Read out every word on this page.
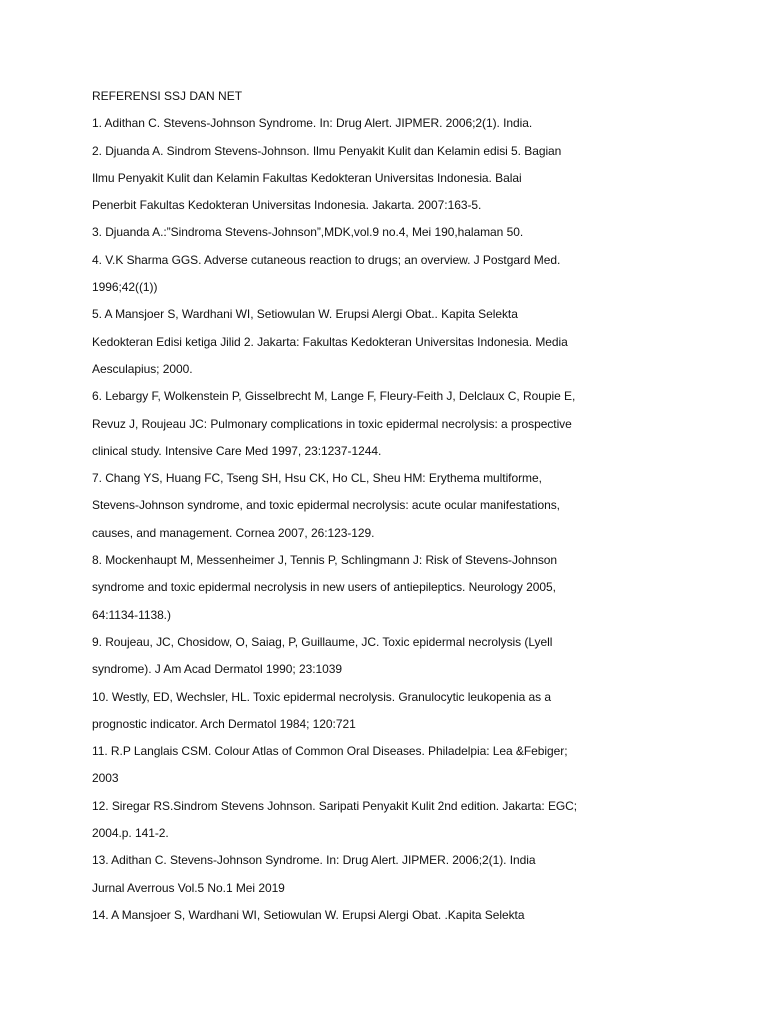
REFERENSI SSJ DAN NET
1. Adithan C. Stevens-Johnson Syndrome. In: Drug Alert. JIPMER. 2006;2(1). India.
2. Djuanda A. Sindrom Stevens-Johnson. Ilmu Penyakit Kulit dan Kelamin edisi 5. Bagian
Ilmu Penyakit Kulit dan Kelamin Fakultas Kedokteran Universitas Indonesia. Balai
Penerbit Fakultas Kedokteran Universitas Indonesia. Jakarta. 2007:163-5.
3. Djuanda A.:”Sindroma Stevens-Johnson”,MDK,vol.9 no.4, Mei 190,halaman 50.
4. V.K Sharma GGS. Adverse cutaneous reaction to drugs; an overview. J Postgard Med.
1996;42((1))
5. A Mansjoer S, Wardhani WI, Setiowulan W. Erupsi Alergi Obat.. Kapita Selekta
Kedokteran Edisi ketiga Jilid 2. Jakarta: Fakultas Kedokteran Universitas Indonesia. Media
Aesculapius; 2000.
6. Lebargy F, Wolkenstein P, Gisselbrecht M, Lange F, Fleury-Feith J, Delclaux C, Roupie E,
Revuz J, Roujeau JC: Pulmonary complications in toxic epidermal necrolysis: a prospective
clinical study. Intensive Care Med 1997, 23:1237-1244.
7. Chang YS, Huang FC, Tseng SH, Hsu CK, Ho CL, Sheu HM: Erythema multiforme,
Stevens-Johnson syndrome, and toxic epidermal necrolysis: acute ocular manifestations,
causes, and management. Cornea 2007, 26:123-129.
8. Mockenhaupt M, Messenheimer J, Tennis P, Schlingmann J: Risk of Stevens-Johnson
syndrome and toxic epidermal necrolysis in new users of antiepileptics. Neurology 2005,
64:1134-1138.)
9. Roujeau, JC, Chosidow, O, Saiag, P, Guillaume, JC. Toxic epidermal necrolysis (Lyell
syndrome). J Am Acad Dermatol 1990; 23:1039
10. Westly, ED, Wechsler, HL. Toxic epidermal necrolysis. Granulocytic leukopenia as a
prognostic indicator. Arch Dermatol 1984; 120:721
11. R.P Langlais CSM. Colour Atlas of Common Oral Diseases. Philadelpia: Lea &Febiger;
2003
12. Siregar RS.Sindrom Stevens Johnson. Saripati Penyakit Kulit 2nd edition. Jakarta: EGC;
2004.p. 141-2.
13. Adithan C. Stevens-Johnson Syndrome. In: Drug Alert. JIPMER. 2006;2(1). India
Jurnal Averrous Vol.5 No.1 Mei 2019
14. A Mansjoer S, Wardhani WI, Setiowulan W. Erupsi Alergi Obat. .Kapita Selekta
